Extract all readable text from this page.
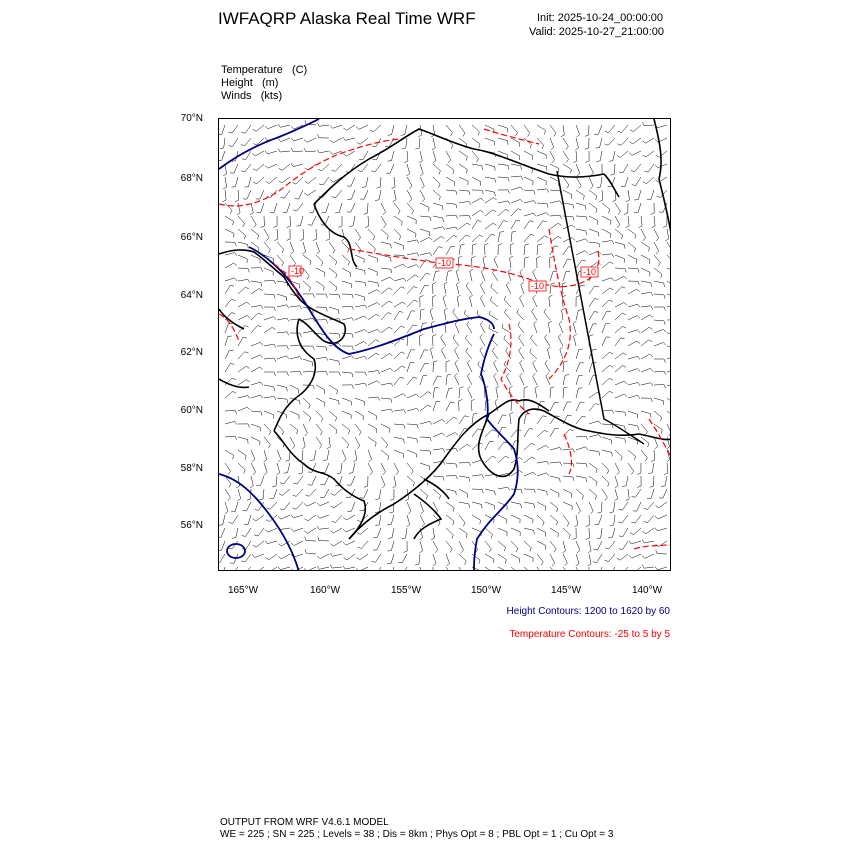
IWFAQRP Alaska Real Time WRF	Init: 2025-10-24_00:00:00
Valid: 2025-10-27_21:00:00
Temperature (C)
Height (m)
Winds (kts)
70°N
68°N
66°N
64°N
62°N
60°N
58°N
56°N
165°W	160°W	155°W	150°W	145°W	140°W
-10
-10
-10
-10
Height Contours: 1200 to 1620 by 60
Temperature Contours: -25 to 5 by 5
OUTPUT FROM WRF V4.6.1 MODEL
WE = 225 ; SN = 225 ; Levels = 38 ; Dis = 8km ; Phys Opt = 8 ; PBL Opt = 1 ; Cu Opt = 3
